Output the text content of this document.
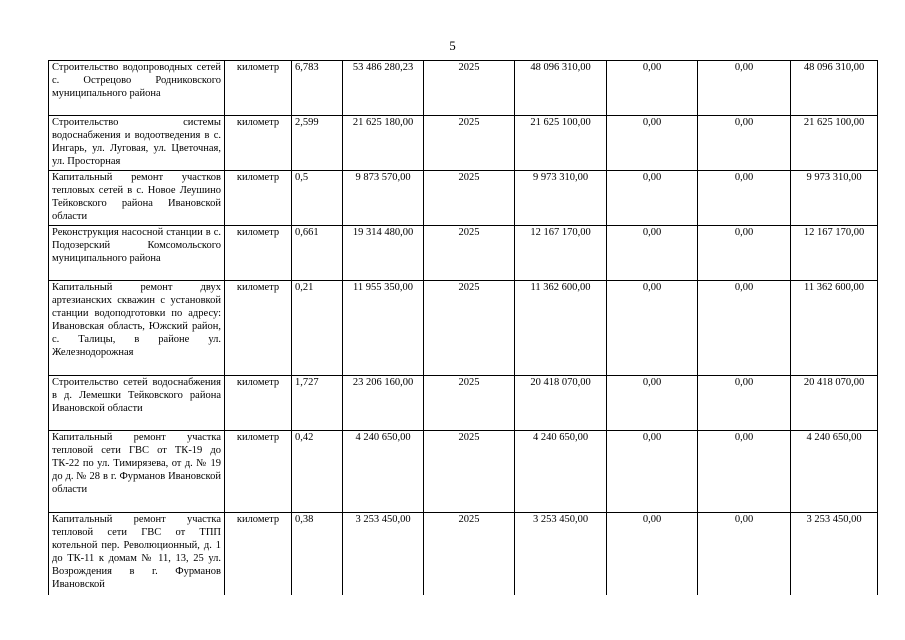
5
Строительство водопроводных сетей с. Острецово Родниковского муниципального района	километр	6,783	53 486 280,23	2025	48 096 310,00	0,00	0,00	48 096 310,00
Строительство системы водоснабжения и водоотведения в с. Ингарь, ул. Луговая, ул. Цветочная, ул. Просторная	километр	2,599	21 625 180,00	2025	21 625 100,00	0,00	0,00	21 625 100,00
Капитальный ремонт участков тепловых сетей в с. Новое Леушино Тейковского района Ивановской области	километр	0,5	9 873 570,00	2025	9 973 310,00	0,00	0,00	9 973 310,00
Реконструкция насосной станции в с. Подозерский Комсомольского муниципального района	километр	0,661	19 314 480,00	2025	12 167 170,00	0,00	0,00	12 167 170,00
Капитальный ремонт двух артезианских скважин с установкой станции водоподготовки по адресу: Ивановская область, Южский район, с. Талицы, в районе ул. Железнодорожная	километр	0,21	11 955 350,00	2025	11 362 600,00	0,00	0,00	11 362 600,00
Строительство сетей водоснабжения в д. Лемешки Тейковского района Ивановской области	километр	1,727	23 206 160,00	2025	20 418 070,00	0,00	0,00	20 418 070,00
Капитальный ремонт участка тепловой сети ГВС от ТК-19 до ТК-22 по ул. Тимирязева, от д. № 19 до д. № 28 в г. Фурманов Ивановской области	километр	0,42	4 240 650,00	2025	4 240 650,00	0,00	0,00	4 240 650,00
Капитальный ремонт участка тепловой сети ГВС от ТПП котельной пер. Революционный, д. 1 до ТК-11 к домам № 11, 13, 25 ул. Возрождения в г. Фурманов Ивановской	километр	0,38	3 253 450,00	2025	3 253 450,00	0,00	0,00	3 253 450,00
